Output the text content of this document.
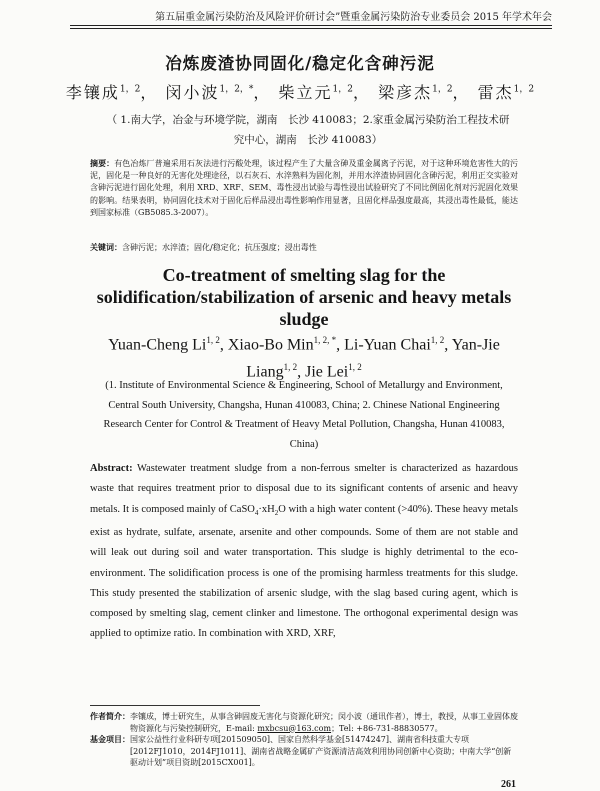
第五届重金属污染防治及风险评价研讨会”暨重金属污染防治专业委员会 2015 年学术年会
冶炼废渣协同固化/稳定化含砷污泥
李镶成$^{1,2}$， 闵小波$^{1,2,*}$， 柴立元$^{1,2}$， 梁彦杰$^{1,2}$， 雷杰$^{1,2}$
（ 1.南大学，冶金与环境学院，湖南　长沙 410083；2.家重金属污染防治工程技术研究中心，湖南　长沙 410083）
摘要：有色冶炼厂普遍采用石灰法进行污酸处理，该过程产生了大量含砷及重金属离子污泥，对于这种环境危害性大的污泥，固化是一种良好的无害化处理途径，以石灰石、水淬熟料为固化剂，并用水淬渣协同固化含砷污泥，利用正交实验对含砷污泥进行固化处理，利用 XRD、XRF、SEM、毒性浸出试验与毒性浸出试验研究了不同比例固化剂对污泥固化效果的影响。结果表明，协同固化技术对于固化后样品浸出毒性影响作用显著，且固化样品强度最高，其浸出毒性最低，能达到国家标准（GB5085.3-2007）。
关键词：含砷污泥；水淬渣；固化/稳定化；抗压强度；浸出毒性
Co-treatment of smelting slag for the solidification/stabilization of arsenic and heavy metals sludge
Yuan-Cheng Li$^{1, 2}$, Xiao-Bo Min$^{1, 2, *}$, Li-Yuan Chai$^{1, 2}$, Yan-Jie Liang$^{1, 2}$, Jie Lei$^{1, 2}$
(1. Institute of Environmental Science & Engineering, School of Metallurgy and Environment, Central South University, Changsha, Hunan 410083, China; 2. Chinese National Engineering Research Center for Control & Treatment of Heavy Metal Pollution, Changsha, Hunan 410083, China)
Abstract: Wastewater treatment sludge from a non-ferrous smelter is characterized as hazardous waste that requires treatment prior to disposal due to its significant contents of arsenic and heavy metals. It is composed mainly of $CaSO_4\cdot xH_2O$ with a high water content (>40%). These heavy metals exist as hydrate, sulfate, arsenate, arsenite and other compounds. Some of them are not stable and will leak out during soil and water transportation. This sludge is highly detrimental to the eco-environment. The solidification process is one of the promising harmless treatments for this sludge. This study presented the stabilization of arsenic sludge, with the slag based curing agent, which is composed by smelting slag, cement clinker and limestone. The orthogonal experimental design was applied to optimize ratio. In combination with XRD, XRF,
作者简介： 李镶成，博士研究生，从事含砷固废无害化与资源化研究；闵小波（通讯作者），博士，教授，从事工业固体废物资源化与污染控制研究，E-mail: mxbcsu@163.com；Tel: +86-731-88830577。
基金项目： 国家公益性行业科研专项[201509050]、国家自然科学基金[51474247]、湖南省科技重大专项[2012FJ1010，2014FJ1011]、湖南省战略金属矿产资源清洁高效利用协同创新中心资助；中南大学“创新驱动计划”项目资助[2015CX001]。
261
